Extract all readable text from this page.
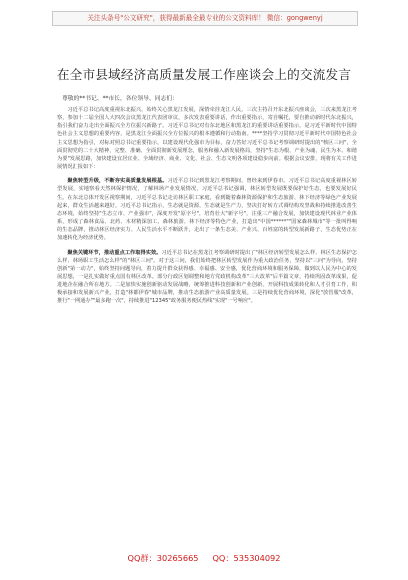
关注头条号"公文研究"，获得最新最全最专业的公文资料库！ 微信：gongwenyj
在全市县域经济高质量发展工作座谈会上的交流发言
尊敬的**书记、**市长，各位领导、同志们：

习近平总书记高度重视东北振兴，始终关心黑龙江发展，深情牵挂龙江人民。三次主持召开东北振兴座谈会，三次来黑龙江考察，参加十二届全国人大四次会议黑龙江代表团审议，多次发表重要讲话，作出重要指示，寄自嘱托，要自推动新时代东北振兴，指引我们奋力走出全面振兴全方位振兴新路子。习近平总书记对有东北地区和黑龙江的重要讲话重要指示，是习近平新时代中国特色社会主义思想的重要内容，是黑龙江全面振兴全方位振兴的根本遵循和行动指南。****坚持学习贯彻习近平新时代中国特色社会主义思想为指引，对标对照总书记重要指示，以建设现代化强市为目标，奋力答好习近平总书记考察调研时提出的"核区三问"，全面贯彻党的二十大精神，完整、准确、全面贯彻新发展理念，服务和融入新发展格局，坚持"生态为根、产业为魂、民生为本、和谐为要"发展思路，加快建设宜居宜业、全域经济、商业、文化、社会、生态文明各项建设稳步向前。根据会议安排，现将有关工作进展情况汇报如下：

聚焦转型升级，不断夯实高质量发展根基。习近平总书记到黑龙江考察期间，曾经来到伊春市。习近平总书记高度重视林区转型发展，实地察看天然林保护情况，了解林场产业发展情况，习近平总书记强调，林区转型发展既要保护好生态，也要发展好民生。在东北总体开发区视察期间，习近平总书记走访林区职工家庭，看到随着森林资源保护和生态旅游、林下经济等绿色产业发展起来，群众生活越来越好。习近平总书记指示，生态就是资源，生态就是生产力，坚决打好转方式调结构攻坚战和持续推进改善生态环境，始终坚持"生态立市、产业强市"，深度开发"原字号"，培育壮大"新字号"，注重三产融合发展，加快建设现代林业产业体系，形成了森林食品、北药、木材精深加工、森林旅游、林下经济等特色产业，打造出"中国******""国家森林城市"等一批叫得响的生态品牌，推动林区经济实力、人民生活水平不断跃升，走出了一条生态美、产业兴、百姓富的转型发展新路子，生态优势正在加速转化为经济优势。

聚焦关键环节，推动重点工作取得实效。习近平总书记在黑龙江考察调研时提出了"林区经济转型发展怎么样、林区生态保护怎么样、林场职工生活怎么样"的"林区三问"。对于这三问，我们始终把林区转型发展作为重大政治任务，坚持以"三问"为导向，坚持创新"第一动力"，始终坚持问题导向，着力提升群众获得感、幸福感、安全感，优化营商环境和服务保障，做到以人民为中心的发展思想，一是扎实做好重点国有林区改革。部分行政区划调整和地方党政机构改革"三大改革"后半篇文章，持续巩固改革成果，促进地企在融合所在地方。二是加快实施创新驱动发展战略，统筹推进科技创新和产业创新，开展科技成果转化和人才引育工作，积极承接和发展新兴产业，打造"林都伊春"城市品牌，推动生态旅游产业高质量发展。三是持续优化营商环境，深化"放管服"改革，推行"一网通办""最多跑一次"，持续推进"12345"政务服务便民热线"实现"一号响应"。

QQ群：30265665 QQ：535304092
